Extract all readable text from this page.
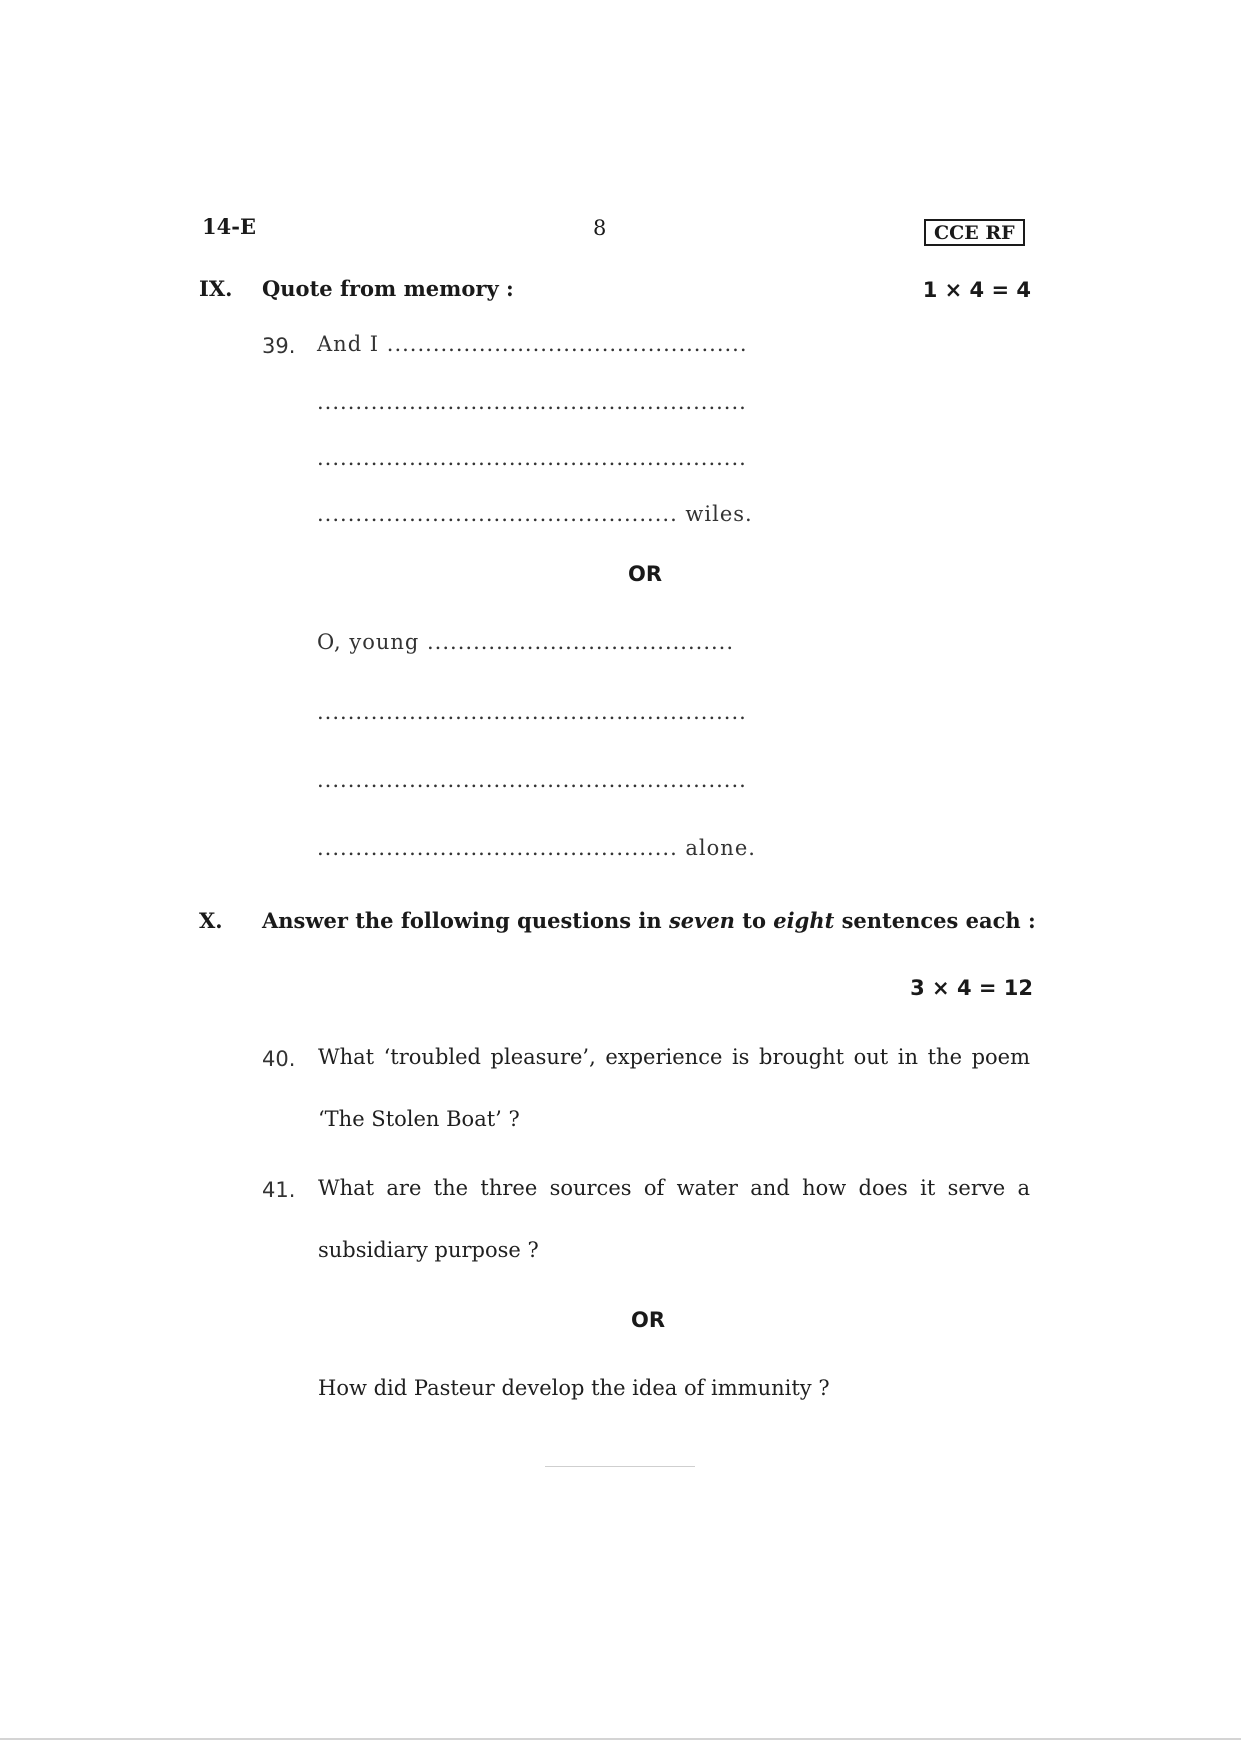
14-E	8	CCE RF
IX. Quote from memory :	1 × 4 = 4
39. And I ...............................................
........................................................
........................................................
............................................... wiles.
OR
O, young ........................................
........................................................
........................................................
............................................... alone.
X. Answer the following questions in seven to eight sentences each :
3 × 4 = 12
40. What ‘troubled pleasure’, experience is brought out in the poem
‘The Stolen Boat’ ?
41. What are the three sources of water and how does it serve a
subsidiary purpose ?
OR
How did Pasteur develop the idea of immunity ?
